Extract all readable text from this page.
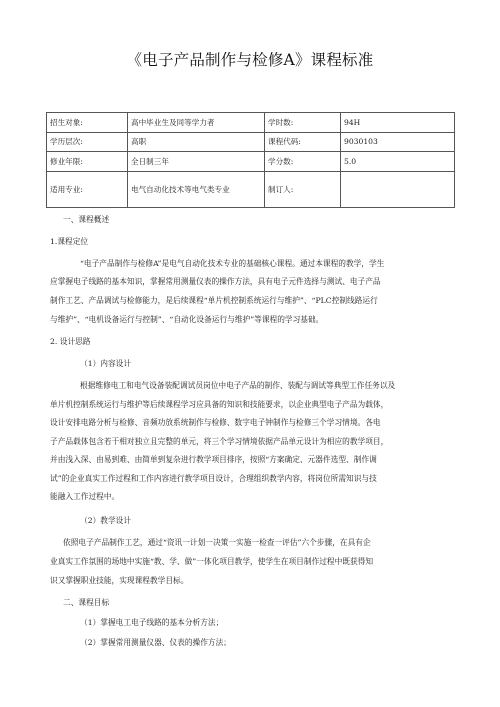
《电子产品制作与检修A》课程标准
招生对象:	高中毕业生及同等学力者	学时数:	94H
学历层次:	高职	课程代码:	9030103
修业年限:	全日制三年	学分数:	5.0
适用专业:	电气自动化技术等电气类专业	制订人:	
一、课程概述
1.课程定位
“电子产品制作与检修A”是电气自动化技术专业的基础核心课程。通过本课程的教学，学生
应掌握电子线路的基本知识，掌握常用测量仪表的操作方法，具有电子元件选择与测试、电子产品
制作工艺、产品调试与检修能力，是后续课程“单片机控制系统运行与维护”、“PLC控制线路运行
与维护”、“电机设备运行与控制”、“自动化设备运行与维护”等课程的学习基础。
2. 设计思路
（1）内容设计
根据维修电工和电气设备装配调试员岗位中电子产品的制作、装配与调试等典型工作任务以及
单片机控制系统运行与维护等后续课程学习应具备的知识和技能要求，以企业典型电子产品为载体，
设计安排电路分析与检修、音频功放系统制作与检修、数字电子钟制作与检修三个学习情境。各电
子产品载体包含若干相对独立且完整的单元，将三个学习情境依据产品单元设计为相应的教学项目，
并由浅入深、由易到难、由简单到复杂进行教学项目排序，按照“方案确定、元器件选型、制作调
试”的企业真实工作过程和工作内容进行教学项目设计，合理组织教学内容，将岗位所需知识与技
能融入工作过程中。
（2）教学设计
依照电子产品制作工艺，通过“资讯一计划一决策一实施一检查一评估”六个步骤，在具有企
业真实工作氛围的场地中实施“教、学、做”一体化项目教学，使学生在项目制作过程中既获得知
识又掌握职业技能，实现课程教学目标。
二、课程目标
（1）掌握电工电子线路的基本分析方法；
（2）掌握常用测量仪器、仪表的操作方法；
